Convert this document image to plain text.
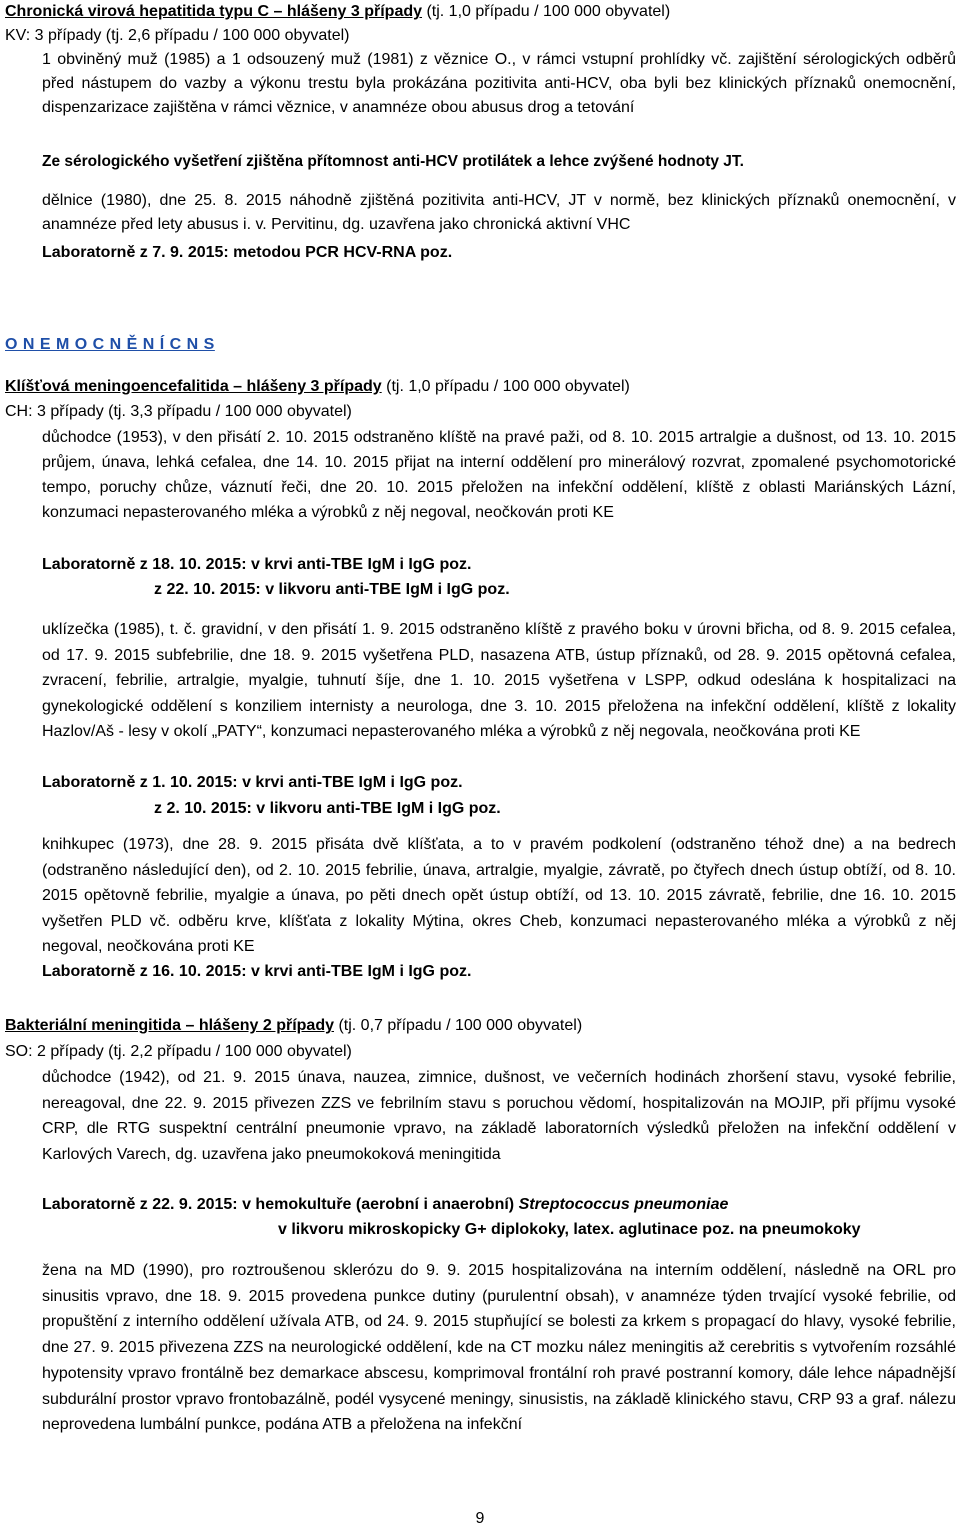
Chronická virová hepatitida typu C – hlášeny 3 případy (tj. 1,0 případu / 100 000 obyvatel)

KV: 3 případy (tj. 2,6 případu / 100 000 obyvatel)

1 obviněný muž (1985) a 1 odsouzený muž (1981) z věznice O., v rámci vstupní prohlídky vč. zajištění sérologických odběrů před nástupem do vazby a výkonu trestu byla prokázána pozitivita anti-HCV, oba byli bez klinických příznaků onemocnění, dispenzarizace zajištěna v rámci věznice, v anamnéze obou abusus drog a tetování

Ze sérologického vyšetření zjištěna přítomnost anti-HCV protilátek a lehce zvýšené hodnoty JT.

dělnice (1980), dne 25. 8. 2015 náhodně zjištěná pozitivita anti-HCV, JT v normě, bez klinických příznaků onemocnění, v anamnéze před lety abusus i. v. Pervitinu, dg. uzavřena jako chronická aktivní VHC

Laboratorně z 7. 9. 2015: metodou PCR HCV-RNA poz.

O N E M O C N Ě N Í C N S

Klíšťová meningoencefalitida – hlášeny 3 případy (tj. 1,0 případu / 100 000 obyvatel)

CH: 3 případy (tj. 3,3 případu / 100 000 obyvatel)

důchodce (1953), v den přisátí 2. 10. 2015 odstraněno klíště na pravé paži, od 8. 10. 2015 artralgie a dušnost, od 13. 10. 2015 průjem, únava, lehká cefalea, dne 14. 10. 2015 přijat na interní oddělení pro minerálový rozvrat, zpomalené psychomotorické tempo, poruchy chůze, váznutí řeči, dne 20. 10. 2015 přeložen na infekční oddělení, klíště z oblasti Mariánských Lázní, konzumaci nepasterovaného mléka a výrobků z něj negoval, neočkován proti KE

Laboratorně z 18. 10. 2015: v krvi anti-TBE IgM i IgG poz.

z 22. 10. 2015: v likvoru anti-TBE IgM i IgG poz.

uklízečka (1985), t. č. gravidní, v den přisátí 1. 9. 2015 odstraněno klíště z pravého boku v úrovni břicha, od 8. 9. 2015 cefalea, od 17. 9. 2015 subfebrilie, dne 18. 9. 2015 vyšetřena PLD, nasazena ATB, ústup příznaků, od 28. 9. 2015 opětovná cefalea, zvracení, febrilie, artralgie, myalgie, tuhnutí šíje, dne 1. 10. 2015 vyšetřena v LSPP, odkud odeslána k hospitalizaci na gynekologické oddělení s konziliem internisty a neurologa, dne 3. 10. 2015 přeložena na infekční oddělení, klíště z lokality Hazlov/Aš - lesy v okolí „PATY“, konzumaci nepasterovaného mléka a výrobků z něj negovala, neočkována proti KE

Laboratorně z 1. 10. 2015: v krvi anti-TBE IgM i IgG poz.

z 2. 10. 2015: v likvoru anti-TBE IgM i IgG poz.

knihkupec (1973), dne 28. 9. 2015 přisáta dvě klíšťata, a to v pravém podkolení (odstraněno téhož dne) a na bedrech (odstraněno následující den), od 2. 10. 2015 febrilie, únava, artralgie, myalgie, závratě, po čtyřech dnech ústup obtíží, od 8. 10. 2015 opětovně febrilie, myalgie a únava, po pěti dnech opět ústup obtíží, od 13. 10. 2015 závratě, febrilie, dne 16. 10. 2015 vyšetřen PLD vč. odběru krve, klíšťata z lokality Mýtina, okres Cheb, konzumaci nepasterovaného mléka a výrobků z něj negoval, neočkována proti KE

Laboratorně z 16. 10. 2015: v krvi anti-TBE IgM i IgG poz.

Bakteriální meningitida – hlášeny 2 případy (tj. 0,7 případu / 100 000 obyvatel)

SO: 2 případy (tj. 2,2 případu / 100 000 obyvatel)

důchodce (1942), od 21. 9. 2015 únava, nauzea, zimnice, dušnost, ve večerních hodinách zhoršení stavu, vysoké febrilie, nereagoval, dne 22. 9. 2015 přivezen ZZS ve febrilním stavu s poruchou vědomí, hospitalizován na MOJIP, při příjmu vysoké CRP, dle RTG suspektní centrální pneumonie vpravo, na základě laboratorních výsledků přeložen na infekční oddělení v Karlových Varech, dg. uzavřena jako pneumokoková meningitida

Laboratorně z 22. 9. 2015: v hemokultuře (aerobní i anaerobní) Streptococcus pneumoniae

v likvoru mikroskopicky G+ diplokoky, latex. aglutinace poz. na pneumokoky

žena na MD (1990), pro roztroušenou sklerózu do 9. 9. 2015 hospitalizována na interním oddělení, následně na ORL pro sinusitis vpravo, dne 18. 9. 2015 provedena punkce dutiny (purulentní obsah), v anamnéze týden trvající vysoké febrilie, od propuštění z interního oddělení užívala ATB, od 24. 9. 2015 stupňující se bolesti za krkem s propagací do hlavy, vysoké febrilie, dne 27. 9. 2015 přivezena ZZS na neurologické oddělení, kde na CT mozku nález meningitis až cerebritis s vytvořením rozsáhlé hypotensity vpravo frontálně bez demarkace abscesu, komprimoval frontální roh pravé postranní komory, dále lehce nápadnější subdurální prostor vpravo frontobazálně, podél vysycené meningy, sinusistis, na základě klinického stavu, CRP 93 a graf. nálezu neprovedena lumbální punkce, podána ATB a přeložena na infekční

9
